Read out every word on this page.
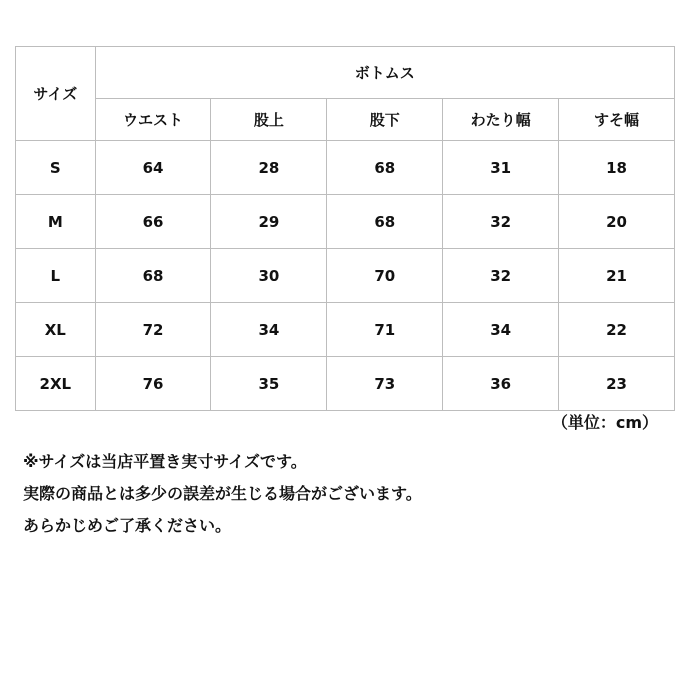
サイズ	ボトムス				
	ウエスト	股上	股下	わたり幅	すそ幅
S	64	28	68	31	18
M	66	29	68	32	20
L	68	30	70	32	21
XL	72	34	71	34	22
2XL	76	35	73	36	23
（単位：cm）

※サイズは当店平置き実寸サイズです。

実際の商品とは多少の誤差が生じる場合がございます。

あらかじめご了承ください。
